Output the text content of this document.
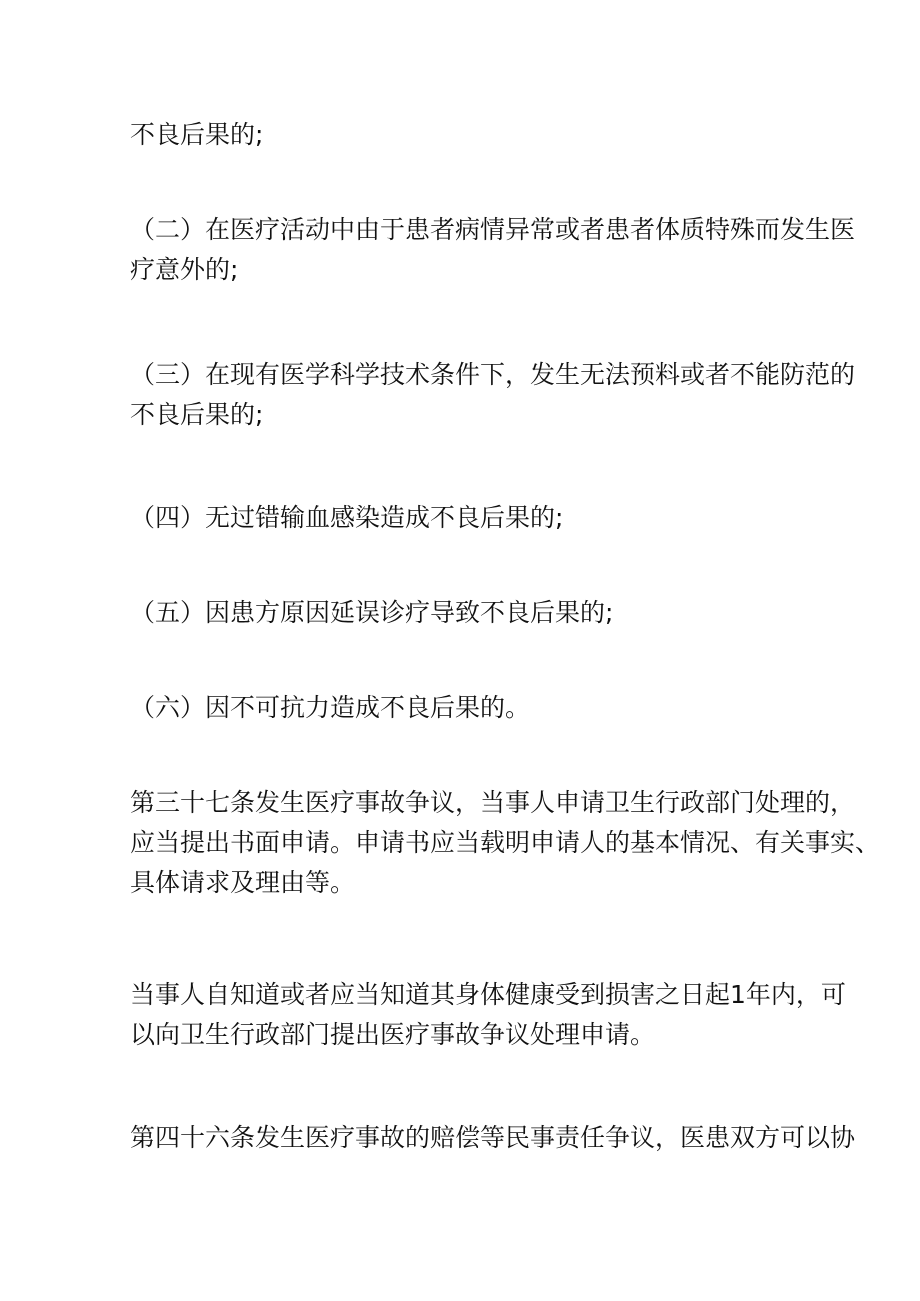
不良后果的;

（二）在医疗活动中由于患者病情异常或者患者体质特殊而发生医
疗意外的;

（三）在现有医学科学技术条件下，发生无法预料或者不能防范的
不良后果的;

（四）无过错输血感染造成不良后果的;

（五）因患方原因延误诊疗导致不良后果的;

（六）因不可抗力造成不良后果的。

第三十七条发生医疗事故争议，当事人申请卫生行政部门处理的，
应当提出书面申请。申请书应当载明申请人的基本情况、有关事实、
具体请求及理由等。

当事人自知道或者应当知道其身体健康受到损害之日起1年内，可
以向卫生行政部门提出医疗事故争议处理申请。

第四十六条发生医疗事故的赔偿等民事责任争议，医患双方可以协
